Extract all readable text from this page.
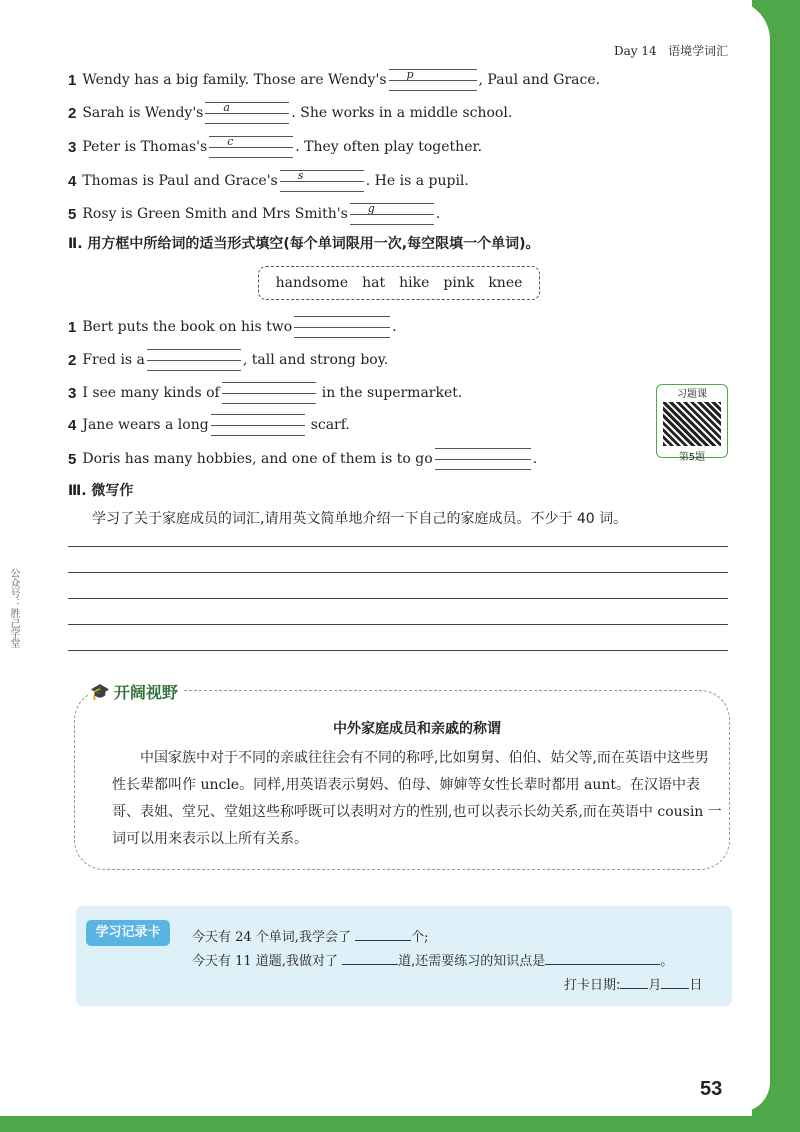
Day 14 语境学词汇
1 Wendy has a big family. Those are Wendy's p	, Paul and Grace.
2 Sarah is Wendy's a	. She works in a middle school.
3 Peter is Thomas's c	. They often play together.
4 Thomas is Paul and Grace's s	. He is a pupil.
5 Rosy is Green Smith and Mrs Smith's g	.
Ⅱ. 用方框中所给词的适当形式填空(每个单词限用一次,每空限填一个单词)。
handsome hat hike pink knee
1 Bert puts the book on his two	.
2 Fred is a	, tall and strong boy.
3 I see many kinds of	in the supermarket.
4 Jane wears a long	scarf.
5 Doris has many hobbies, and one of them is to go	.
习题课
第5题
Ⅲ. 微写作
学习了关于家庭成员的词汇,请用英文简单地介绍一下自己的家庭成员。不少于 40 词。
公众号：胜己学堂
🎓 开阔视野
中外家庭成员和亲戚的称谓

中国家族中对于不同的亲戚往往会有不同的称呼,比如舅舅、伯伯、姑父等,而在英语中这些男性长辈都叫作 uncle。同样,用英语表示舅妈、伯母、婶婶等女性长辈时都用 aunt。在汉语中表哥、表姐、堂兄、堂姐这些称呼既可以表明对方的性别,也可以表示长幼关系,而在英语中 cousin 一词可以用来表示以上所有关系。

学习记录卡	今天有 24 个单词,我学会了	个;
今天有 11 道题,我做对了	道,还需要练习的知识点是	。
打卡日期: 月 日
53
